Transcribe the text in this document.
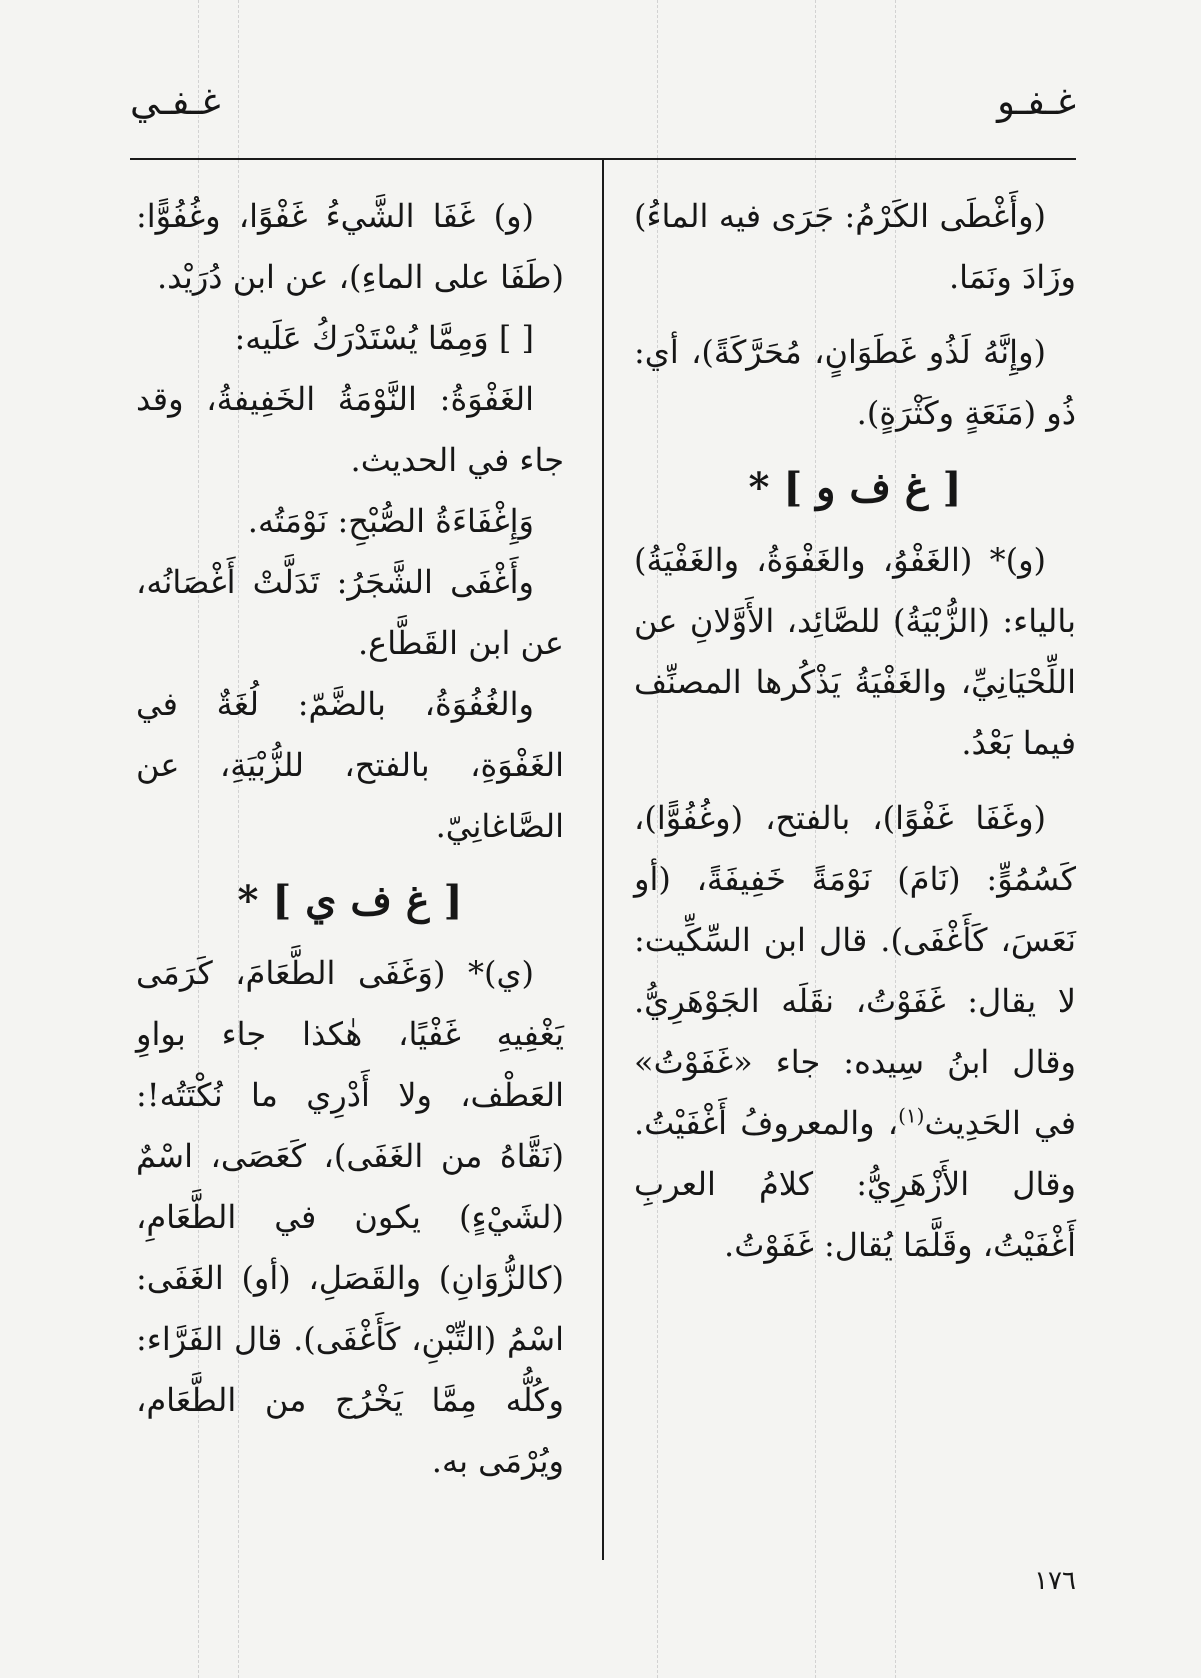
غـفـو
غـفـي

(وأَغْطَى الكَرْمُ: جَرَى فيه الماءُ) وزَادَ ونَمَا.

(وإِنَّهُ لَذُو غَطَوَانٍ، مُحَرَّكَةً)، أي: ذُو (مَنَعَةٍ وكَثْرَةٍ).

[ غ ف و ] *

(و)* (الغَفْوُ، والغَفْوَةُ، والغَفْيَةُ) بالياء: (الزُّبْيَةُ) للصَّائِد، الأَوَّلانِ عن اللِّحْيَانِيِّ، والغَفْيَةُ يَذْكُرها المصنِّف فيما بَعْدُ.

(وغَفَا غَفْوًا)، بالفتح، (وغُفُوًّا)، كَسُمُوٍّ: (نَامَ) نَوْمَةً خَفِيفَةً، (أو نَعَسَ، كَأَغْفَى). قال ابن السِّكِّيت: لا يقال: غَفَوْتُ، نقَلَه الجَوْهَرِيُّ. وقال ابنُ سِيده: جاء «غَفَوْتُ» في الحَدِيث$^{(١)}$، والمعروفُ أَغْفَيْتُ. وقال الأَزْهَرِيُّ: كلامُ العربِ أَغْفَيْتُ، وقَلَّمَا يُقال: غَفَوْتُ.

(و) غَفَا الشَّيءُ غَفْوًا، وغُفُوًّا: (طَفَا على الماءِ)، عن ابن دُرَيْد.

[ ] وَمِمَّا يُسْتَدْرَكُ عَلَيه:

الغَفْوَةُ: النَّوْمَةُ الخَفِيفةُ، وقد جاء في الحديث.

وَإِغْفَاءَةُ الصُّبْحِ: نَوْمَتُه.

وأَغْفَى الشَّجَرُ: تَدَلَّتْ أَغْصَانُه، عن ابن القَطَّاع.

والغُفُوَةُ، بالضَّمّ: لُغَةٌ في الغَفْوَةِ، بالفتح، للزُّبْيَةِ، عن الصَّاغانِيّ.

[ غ ف ي ] *

(ي)* (وَغَفَى الطَّعَامَ، كَرَمَى يَغْفِيهِ غَفْيًا، هٰكذا جاء بواوِ العَطْف، ولا أَدْرِي ما نُكْتَتُه!: (نَقَّاهُ من الغَفَى)، كَعَصَى، اسْمٌ (لشَيْءٍ) يكون في الطَّعَامِ، (كالزُّوَانِ) والقَصَلِ، (أو) الغَفَى: اسْمُ (التِّبْنِ، كَأَغْفَى). قال الفَرَّاء: وكُلُّه مِمَّا يَخْرُج من الطَّعَام، ويُرْمَى به.

١٧٦
